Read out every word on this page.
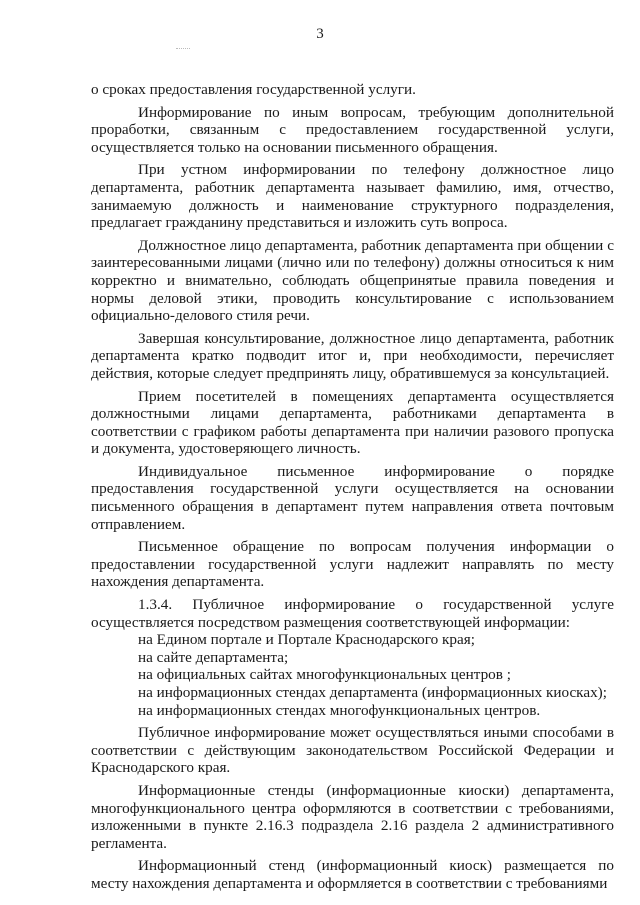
3

о сроках предоставления государственной услуги.

Информирование по иным вопросам, требующим дополнительной проработки, связанным с предоставлением государственной услуги, осуществляется только на основании письменного обращения.

При устном информировании по телефону должностное лицо департамента, работник департамента называет фамилию, имя, отчество, занимаемую должность и наименование структурного подразделения, предлагает гражданину представиться и изложить суть вопроса.

Должностное лицо департамента, работник департамента при общении с заинтересованными лицами (лично или по телефону) должны относиться к ним корректно и внимательно, соблюдать общепринятые правила поведения и нормы деловой этики, проводить консультирование с использованием официально-делового стиля речи.

Завершая консультирование, должностное лицо департамента, работник департамента кратко подводит итог и, при необходимости, перечисляет действия, которые следует предпринять лицу, обратившемуся за консультацией.

Прием посетителей в помещениях департамента осуществляется должностными лицами департамента, работниками департамента в соответствии с графиком работы департамента при наличии разового пропуска и документа, удостоверяющего личность.

Индивидуальное письменное информирование о порядке предоставления государственной услуги осуществляется на основании письменного обращения в департамент путем направления ответа почтовым отправлением.

Письменное обращение по вопросам получения информации о предоставлении государственной услуги надлежит направлять по месту нахождения департамента.

1.3.4. Публичное информирование о государственной услуге осуществляется посредством размещения соответствующей информации:

на Едином портале и Портале Краснодарского края;

на сайте департамента;

на официальных сайтах многофункциональных центров ;

на информационных стендах департамента (информационных киосках);

на информационных стендах многофункциональных центров.

Публичное информирование может осуществляться иными способами в соответствии с действующим законодательством Российской Федерации и Краснодарского края.

Информационные стенды (информационные киоски) департамента, многофункционального центра оформляются в соответствии с требованиями, изложенными в пункте 2.16.3 подраздела 2.16 раздела 2 административного регламента.

Информационный стенд (информационный киоск) размещается по месту нахождения департамента и оформляется в соответствии с требованиями
